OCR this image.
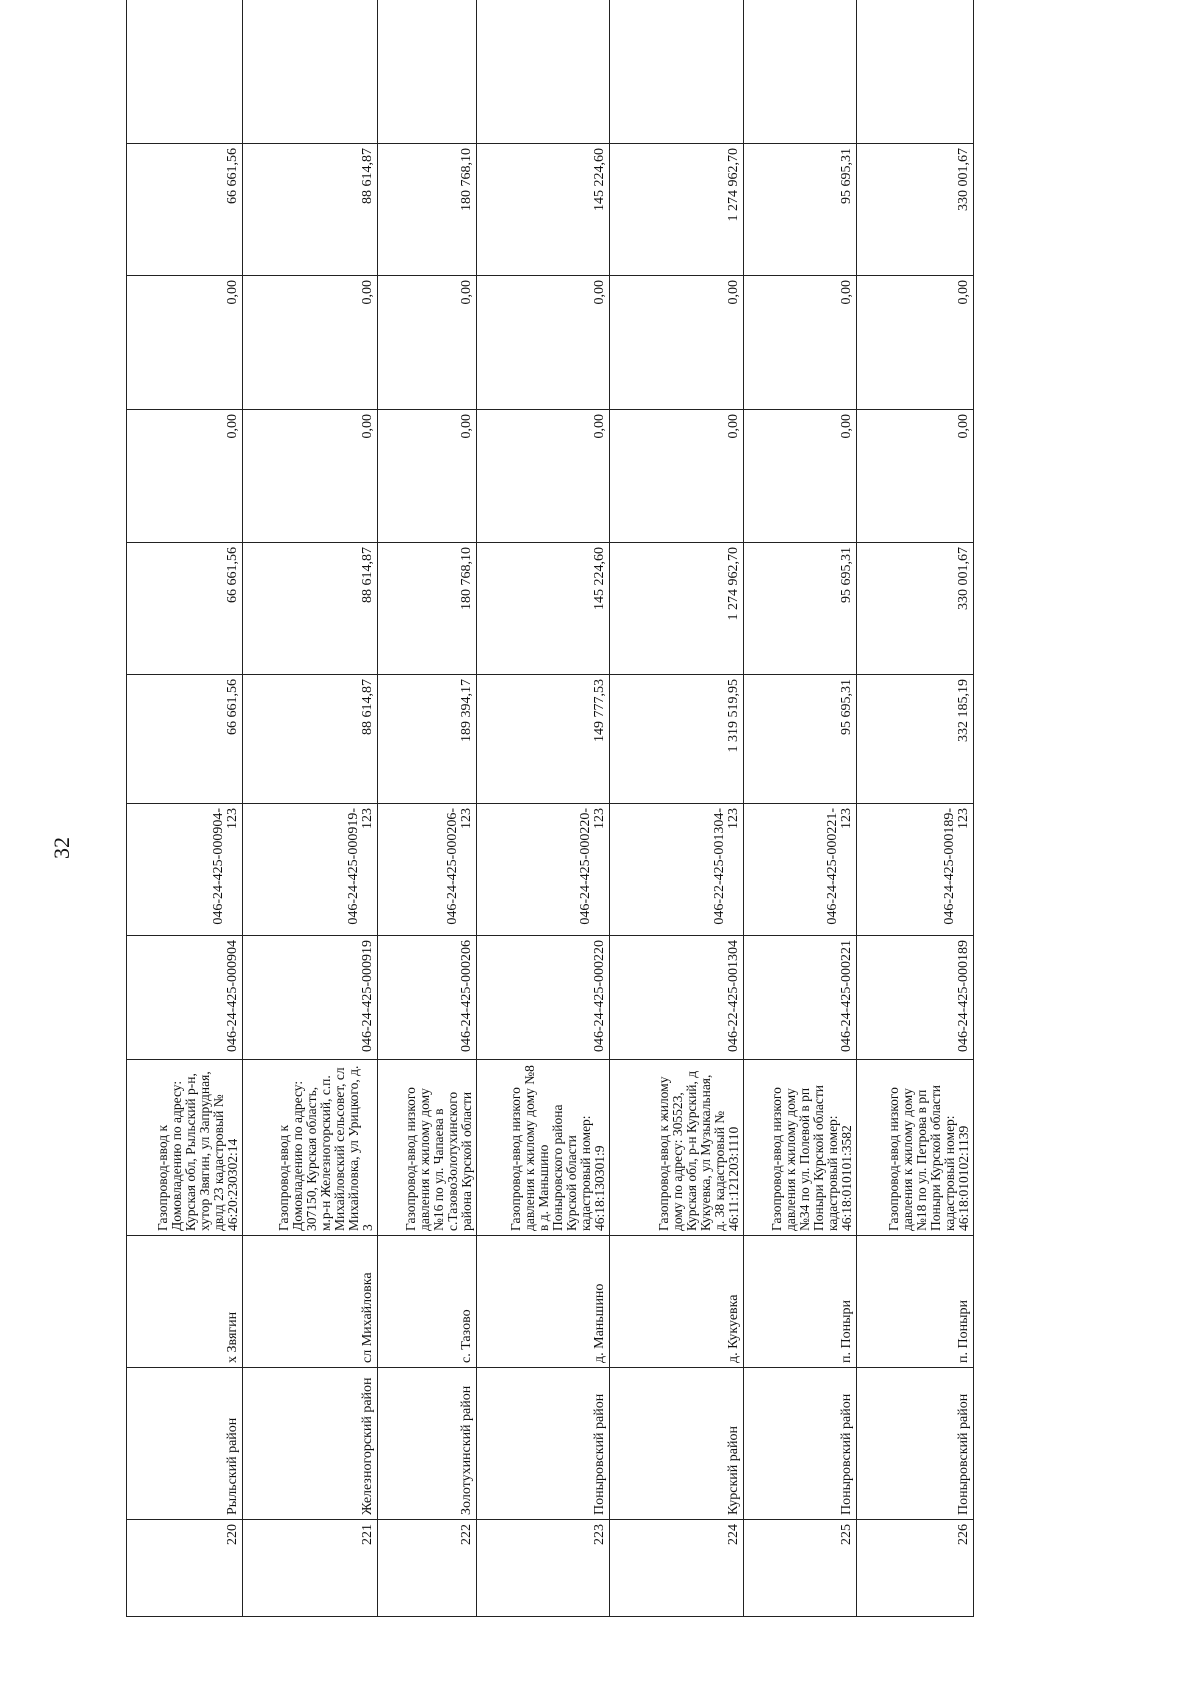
32
220	Рыльский район	х Звягин	Газопровод-ввод к Домовладению по адресу: Курская обл, Рыльский р-н, хутор Звягин, ул Запрудная, двлд 23 кадастровый № 46:20:230302:14	046-24-425-000904	046-24-425-000904-123	66 661,56	66 661,56	0,00	0,00	66 661,56	
221	Железногорский район	сл Михайловка	Газопровод-ввод к Домовладению по адресу: 307150, Курская область, м.р-н Железногорский, с.п. Михайловский сельсовет, сл Михайловка, ул Урицкого, д. 3	046-24-425-000919	046-24-425-000919-123	88 614,87	88 614,87	0,00	0,00	88 614,87	
222	Золотухинский район	с. Тазово	Газопровод-ввод низкого давления к жилому дому №16 по ул. Чапаева в с.ТазовоЗолотухинского района Курской области	046-24-425-000206	046-24-425-000206-123	189 394,17	180 768,10	0,00	0,00	180 768,10	
223	Поныровский район	д. Маньшино	Газопровод-ввод низкого давления к жилому дому №8 в д. Маньшино Поныровского района Курской области кадастровый номер: 46:18:130301:9	046-24-425-000220	046-24-425-000220-123	149 777,53	145 224,60	0,00	0,00	145 224,60	
224	Курский район	д. Кукуевка	Газопровод-ввод к жилому дому по адресу: 305523, Курская обл, р-н Курский, д Кукуевка, ул Музыкальная, д. 38 кадастровый № 46:11:121203:1110	046-22-425-001304	046-22-425-001304-123	1 319 519,95	1 274 962,70	0,00	0,00	1 274 962,70	
225	Поныровский район	п. Поныри	Газопровод-ввод низкого давления к жилому дому №34 по ул. Полевой в рп Поныри Курской области кадастровый номер: 46:18:010101:3582	046-24-425-000221	046-24-425-000221-123	95 695,31	95 695,31	0,00	0,00	95 695,31	
226	Поныровский район	п. Поныри	Газопровод-ввод низкого давления к жилому дому №18 по ул. Петрова в рп Поныри Курской области кадастровый номер: 46:18:010102:1139	046-24-425-000189	046-24-425-000189-123	332 185,19	330 001,67	0,00	0,00	330 001,67	
